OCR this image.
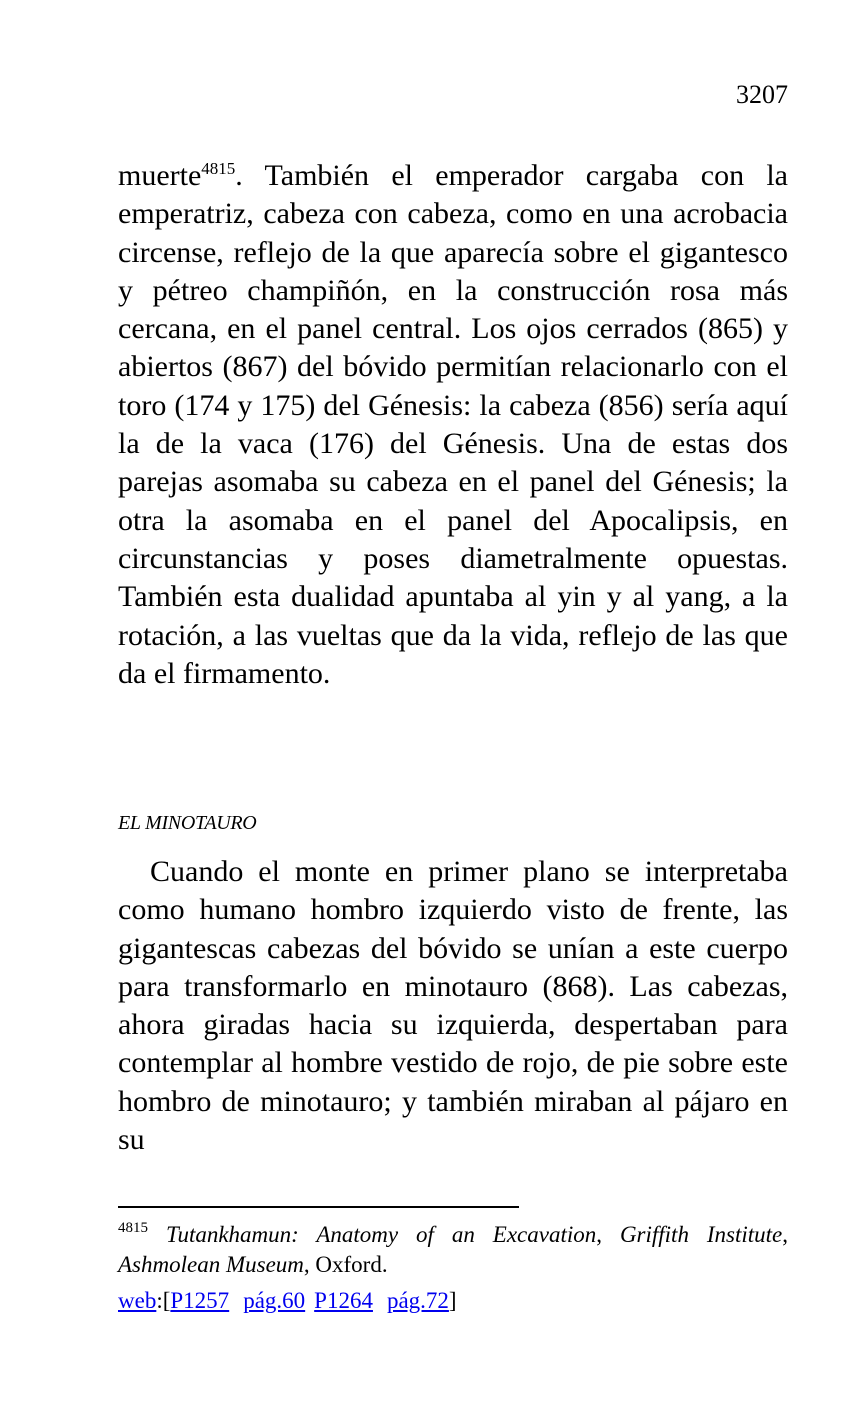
3207

muerte$^{4815}$. También el emperador cargaba con la emperatriz, cabeza con cabeza, como en una acrobacia circense, reflejo de la que aparecía sobre el gigantesco y pétreo champiñón, en la construcción rosa más cercana, en el panel central. Los ojos cerrados (865) y abiertos (867) del bóvido permitían relacionarlo con el toro (174 y 175) del Génesis: la cabeza (856) sería aquí la de la vaca (176) del Génesis. Una de estas dos parejas asomaba su cabeza en el panel del Génesis; la otra la asomaba en el panel del Apocalipsis, en circunstancias y poses diametralmente opuestas. También esta dualidad apuntaba al yin y al yang, a la rotación, a las vueltas que da la vida, reflejo de las que da el firmamento.

EL MINOTAURO

Cuando el monte en primer plano se interpretaba como humano hombro izquierdo visto de frente, las gigantescas cabezas del bóvido se unían a este cuerpo para transformarlo en minotauro (868). Las cabezas, ahora giradas hacia su izquierda, despertaban para contemplar al hombre vestido de rojo, de pie sobre este hombro de minotauro; y también miraban al pájaro en su

$^{4815}$ Tutankhamun: Anatomy of an Excavation, Griffith Institute, Ashmolean Museum, Oxford.

web:[P1257 pág.60 P1264 pág.72]
